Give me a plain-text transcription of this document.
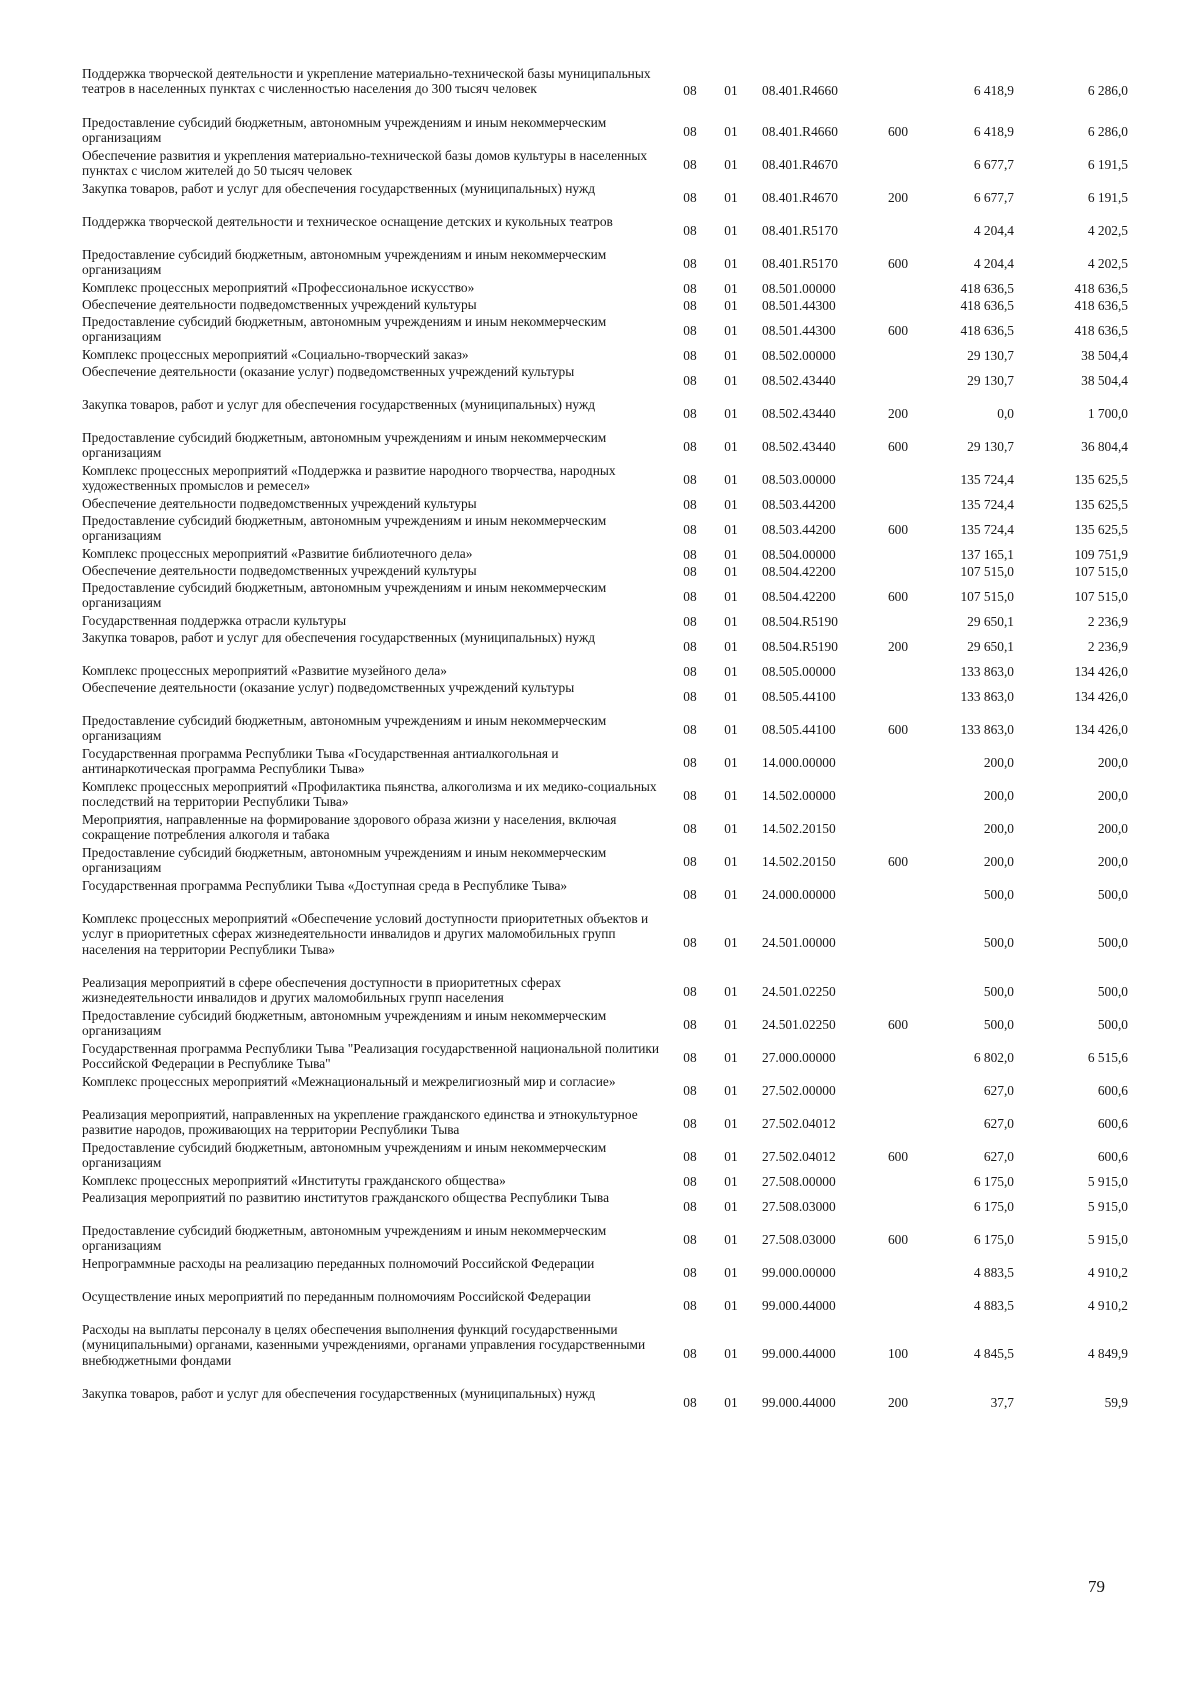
Поддержка творческой деятельности и укрепление материально-технической базы муниципальных театров в населенных пунктах с численностью населения до 300 тысяч человек	08	01	08.401.R4660		6 418,9	6 286,0
Предоставление субсидий бюджетным, автономным учреждениям и иным некоммерческим организациям	08	01	08.401.R4660	600	6 418,9	6 286,0
Обеспечение развития и укрепления материально-технической базы домов культуры в населенных пунктах с числом жителей до 50 тысяч человек	08	01	08.401.R4670		6 677,7	6 191,5
Закупка товаров, работ и услуг для обеспечения государственных (муниципальных) нужд	08	01	08.401.R4670	200	6 677,7	6 191,5
Поддержка творческой деятельности и техническое оснащение детских и кукольных театров	08	01	08.401.R5170		4 204,4	4 202,5
Предоставление субсидий бюджетным, автономным учреждениям и иным некоммерческим организациям	08	01	08.401.R5170	600	4 204,4	4 202,5
Комплекс процессных мероприятий «Профессиональное искусство»	08	01	08.501.00000		418 636,5	418 636,5
Обеспечение деятельности подведомственных учреждений культуры	08	01	08.501.44300		418 636,5	418 636,5
Предоставление субсидий бюджетным, автономным учреждениям и иным некоммерческим организациям	08	01	08.501.44300	600	418 636,5	418 636,5
Комплекс процессных мероприятий «Социально-творческий заказ»	08	01	08.502.00000		29 130,7	38 504,4
Обеспечение деятельности (оказание услуг) подведомственных учреждений культуры	08	01	08.502.43440		29 130,7	38 504,4
Закупка товаров, работ и услуг для обеспечения государственных (муниципальных) нужд	08	01	08.502.43440	200	0,0	1 700,0
Предоставление субсидий бюджетным, автономным учреждениям и иным некоммерческим организациям	08	01	08.502.43440	600	29 130,7	36 804,4
Комплекс процессных мероприятий «Поддержка и развитие народного творчества, народных художественных промыслов и ремесел»	08	01	08.503.00000		135 724,4	135 625,5
Обеспечение деятельности подведомственных учреждений культуры	08	01	08.503.44200		135 724,4	135 625,5
Предоставление субсидий бюджетным, автономным учреждениям и иным некоммерческим организациям	08	01	08.503.44200	600	135 724,4	135 625,5
Комплекс процессных мероприятий «Развитие библиотечного дела»	08	01	08.504.00000		137 165,1	109 751,9
Обеспечение деятельности подведомственных учреждений культуры	08	01	08.504.42200		107 515,0	107 515,0
Предоставление субсидий бюджетным, автономным учреждениям и иным некоммерческим организациям	08	01	08.504.42200	600	107 515,0	107 515,0
Государственная поддержка отрасли культуры	08	01	08.504.R5190		29 650,1	2 236,9
Закупка товаров, работ и услуг для обеспечения государственных (муниципальных) нужд	08	01	08.504.R5190	200	29 650,1	2 236,9
Комплекс процессных мероприятий «Развитие музейного дела»	08	01	08.505.00000		133 863,0	134 426,0
Обеспечение деятельности (оказание услуг) подведомственных учреждений культуры	08	01	08.505.44100		133 863,0	134 426,0
Предоставление субсидий бюджетным, автономным учреждениям и иным некоммерческим организациям	08	01	08.505.44100	600	133 863,0	134 426,0
Государственная программа Республики Тыва «Государственная антиалкогольная и антинаркотическая программа Республики Тыва»	08	01	14.000.00000		200,0	200,0
Комплекс процессных мероприятий «Профилактика пьянства, алкоголизма и их медико-социальных последствий на территории Республики Тыва»	08	01	14.502.00000		200,0	200,0
Мероприятия, направленные на формирование здорового образа жизни у населения, включая сокращение потребления алкоголя и табака	08	01	14.502.20150		200,0	200,0
Предоставление субсидий бюджетным, автономным учреждениям и иным некоммерческим организациям	08	01	14.502.20150	600	200,0	200,0
Государственная программа Республики Тыва «Доступная среда в Республике Тыва»	08	01	24.000.00000		500,0	500,0
Комплекс процессных мероприятий «Обеспечение условий доступности приоритетных объектов и услуг в приоритетных сферах жизнедеятельности инвалидов и других маломобильных групп населения на территории Республики Тыва»	08	01	24.501.00000		500,0	500,0
Реализация мероприятий в сфере обеспечения доступности в приоритетных сферах жизнедеятельности инвалидов и других маломобильных групп населения	08	01	24.501.02250		500,0	500,0
Предоставление субсидий бюджетным, автономным учреждениям и иным некоммерческим организациям	08	01	24.501.02250	600	500,0	500,0
Государственная программа Республики Тыва "Реализация государственной национальной политики Российской Федерации в Республике Тыва"	08	01	27.000.00000		6 802,0	6 515,6
Комплекс процессных мероприятий «Межнациональный и межрелигиозный мир и согласие»	08	01	27.502.00000		627,0	600,6
Реализация мероприятий, направленных на укрепление гражданского единства и этнокультурное развитие народов, проживающих на территории Республики Тыва	08	01	27.502.04012		627,0	600,6
Предоставление субсидий бюджетным, автономным учреждениям и иным некоммерческим организациям	08	01	27.502.04012	600	627,0	600,6
Комплекс процессных мероприятий «Институты гражданского общества»	08	01	27.508.00000		6 175,0	5 915,0
Реализация мероприятий по развитию институтов гражданского общества Республики Тыва	08	01	27.508.03000		6 175,0	5 915,0
Предоставление субсидий бюджетным, автономным учреждениям и иным некоммерческим организациям	08	01	27.508.03000	600	6 175,0	5 915,0
Непрограммные расходы на реализацию переданных полномочий Российской Федерации	08	01	99.000.00000		4 883,5	4 910,2
Осуществление иных мероприятий по переданным полномочиям Российской Федерации	08	01	99.000.44000		4 883,5	4 910,2
Расходы на выплаты персоналу в целях обеспечения выполнения функций государственными (муниципальными) органами, казенными учреждениями, органами управления государственными внебюджетными фондами	08	01	99.000.44000	100	4 845,5	4 849,9
Закупка товаров, работ и услуг для обеспечения государственных (муниципальных) нужд	08	01	99.000.44000	200	37,7	59,9
79
